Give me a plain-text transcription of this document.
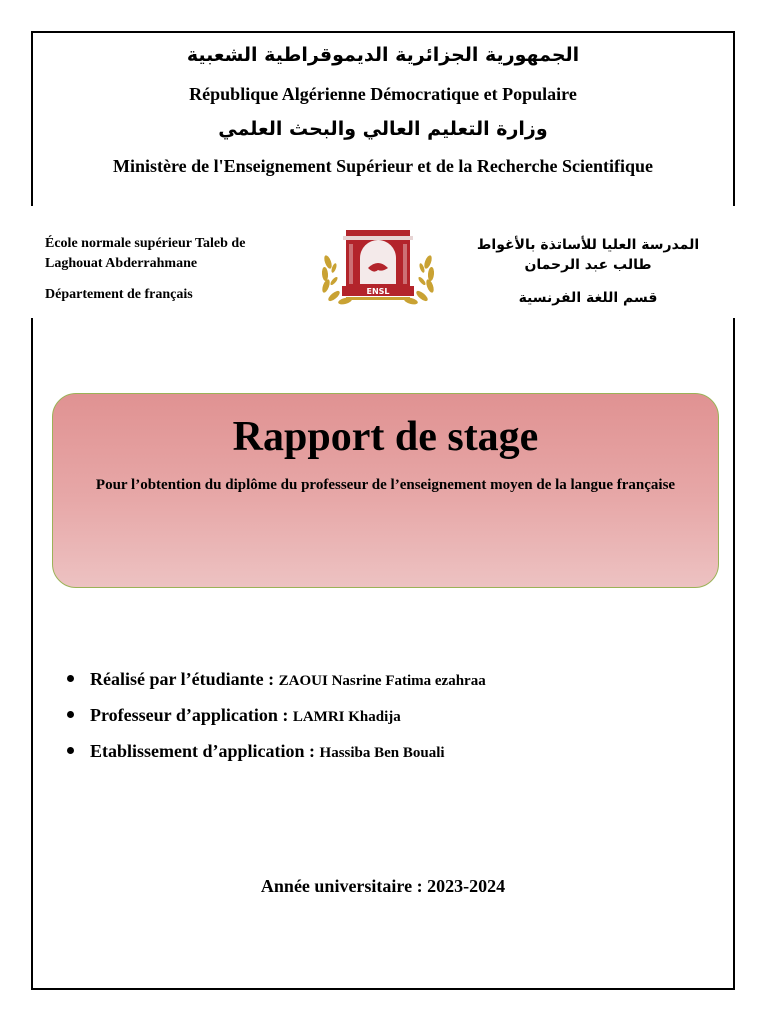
الجمهورية الجزائرية الديموقراطية الشعبية
République Algérienne Démocratique et Populaire
وزارة التعليم العالي والبحث العلمي
Ministère de l'Enseignement Supérieur et de la Recherche Scientifique
École normale supérieur Taleb de
Laghouat Abderrahmane
Département de français	ENSL
المدرسة العليا للأساتذة بالأغواط
طالب عبد الرحمان
قسم اللغة الفرنسية
Rapport de stage
Pour l’obtention du diplôme du professeur de l’enseignement moyen de la langue française
Réalisé par l’étudiante : ZAOUI Nasrine Fatima ezahraa
Professeur d’application : LAMRI Khadija
Etablissement d’application : Hassiba Ben Bouali
Année universitaire : 2023-2024
